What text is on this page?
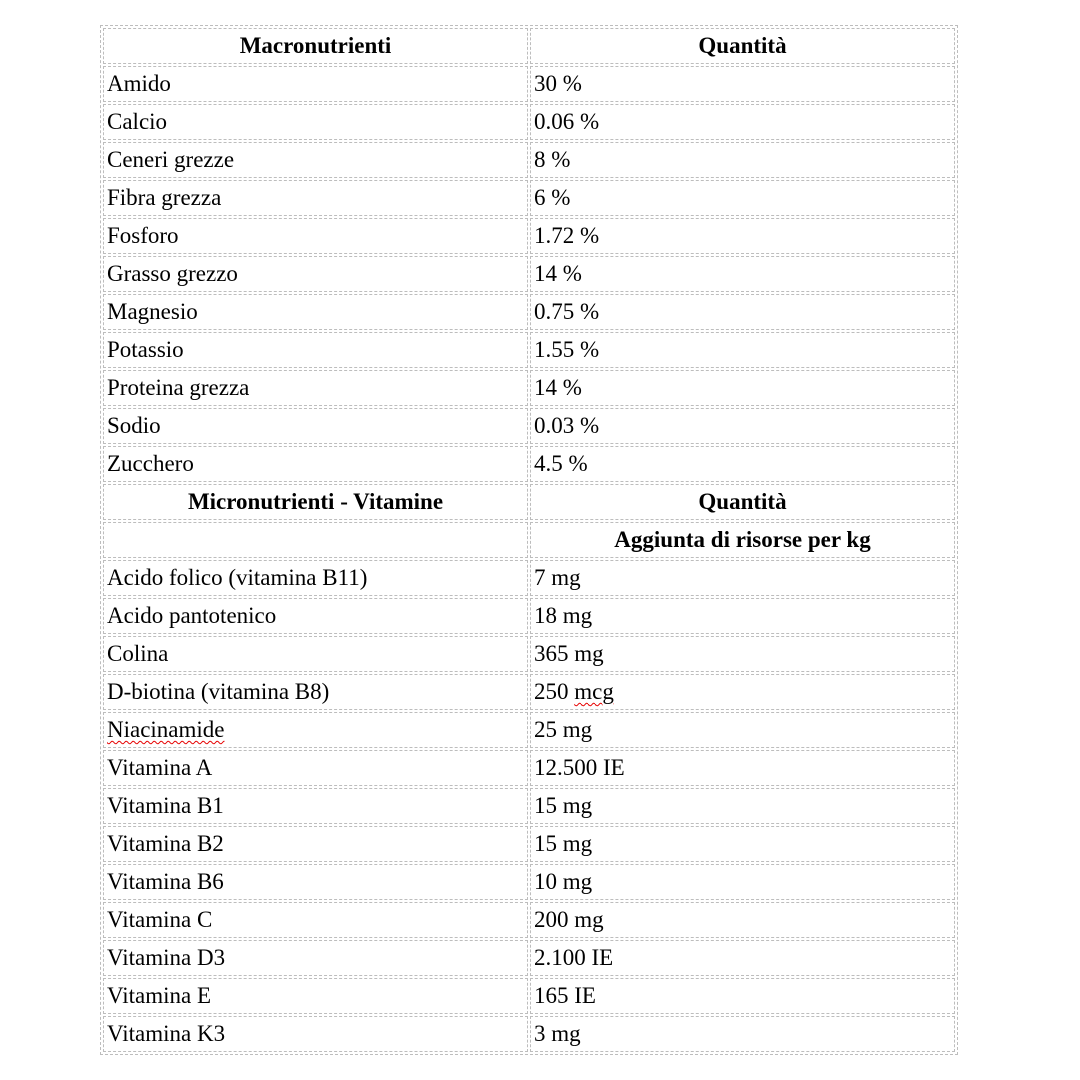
Macronutrienti	Quantità
Amido	30 %
Calcio	0.06 %
Ceneri grezze	8 %
Fibra grezza	6 %
Fosforo	1.72 %
Grasso grezzo	14 %
Magnesio	0.75 %
Potassio	1.55 %
Proteina grezza	14 %
Sodio	0.03 %
Zucchero	4.5 %
Micronutrienti - Vitamine	Quantità
	Aggiunta di risorse per kg
Acido folico (vitamina B11)	7 mg
Acido pantotenico	18 mg
Colina	365 mg
D-biotina (vitamina B8)	250 mcg
Niacinamide	25 mg
Vitamina A	12.500 IE
Vitamina B1	15 mg
Vitamina B2	15 mg
Vitamina B6	10 mg
Vitamina C	200 mg
Vitamina D3	2.100 IE
Vitamina E	165 IE
Vitamina K3	3 mg
